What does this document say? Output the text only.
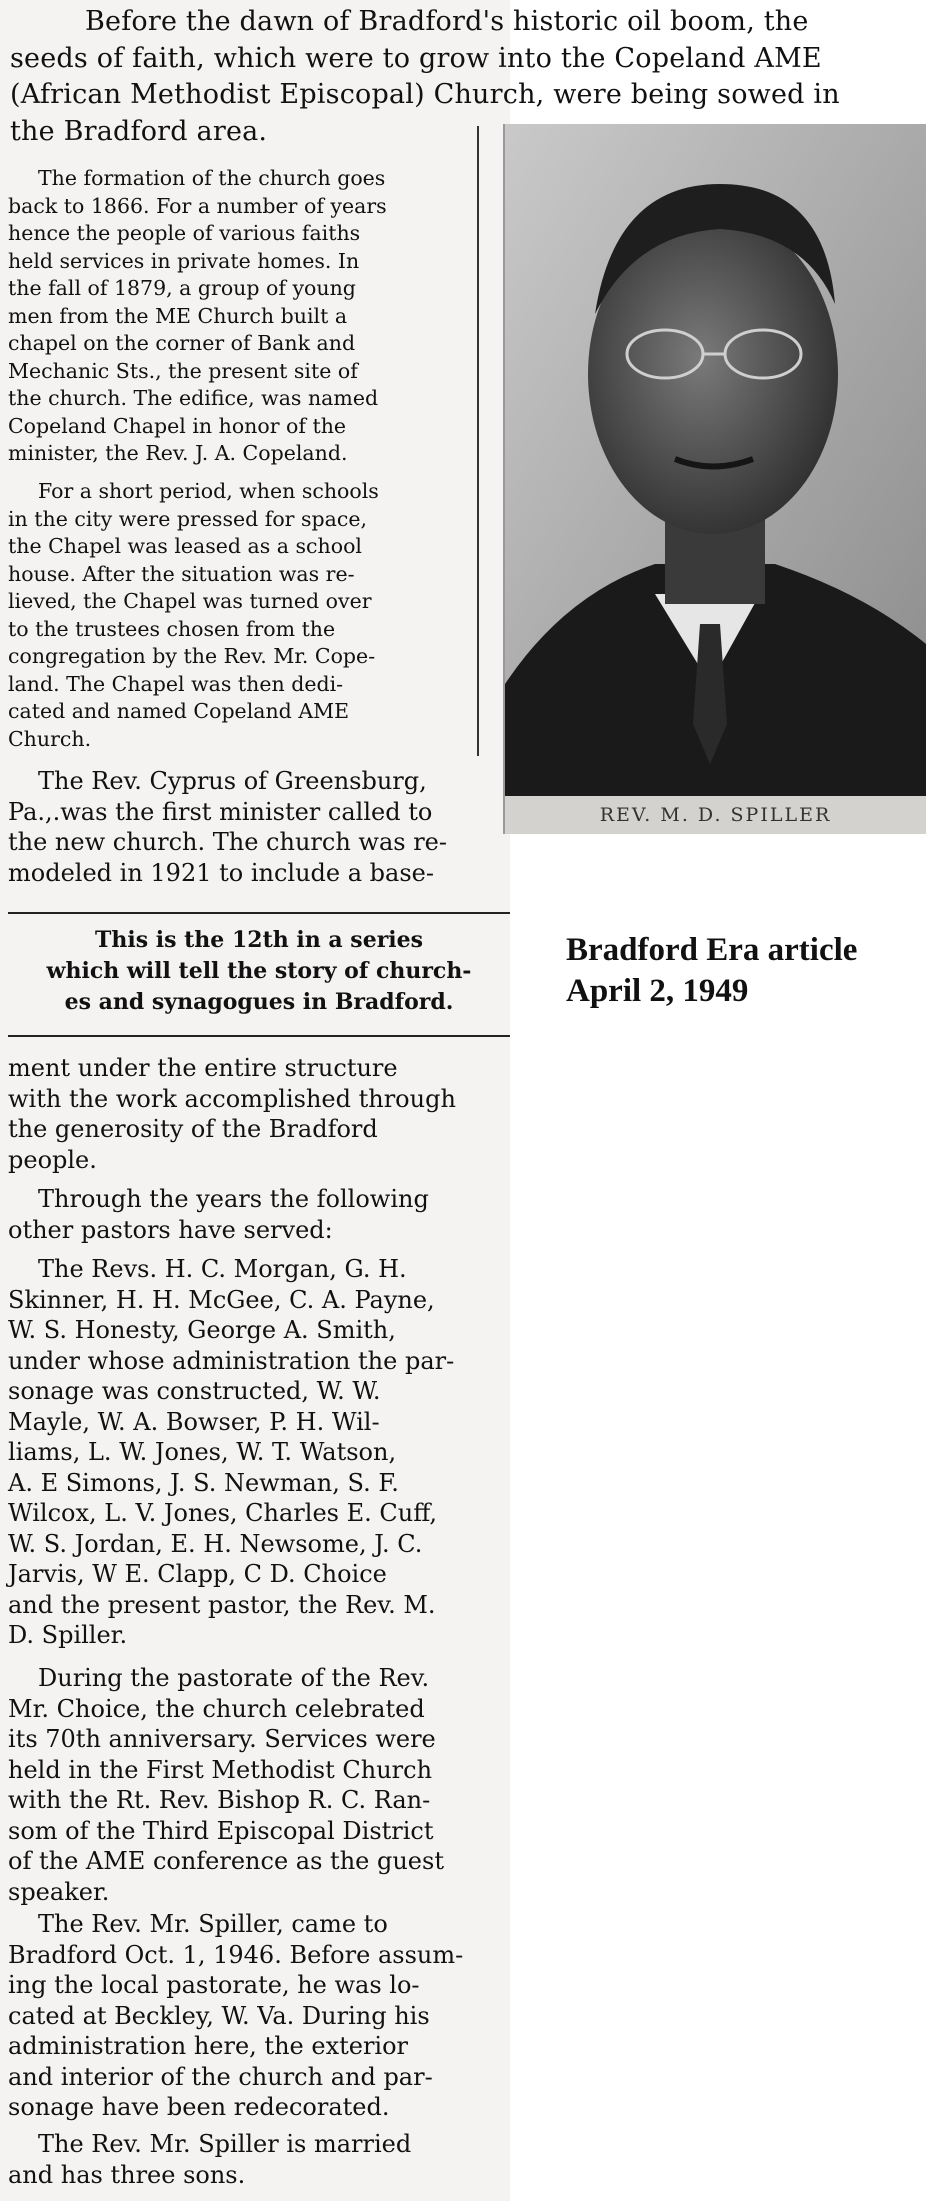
Before the dawn of Bradford's historic oil boom, the
seeds of faith, which were to grow into the Copeland AME
(African Methodist Episcopal) Church, were being sowed in
the Bradford area.
The formation of the church goes
back to 1866. For a number of years
hence the people of various faiths
held services in private homes. In
the fall of 1879, a group of young
men from the ME Church built a
chapel on the corner of Bank and
Mechanic Sts., the present site of
the church. The edifice, was named
Copeland Chapel in honor of the
minister, the Rev. J. A. Copeland.
For a short period, when schools
in the city were pressed for space,
the Chapel was leased as a school
house. After the situation was re-
lieved, the Chapel was turned over
to the trustees chosen from the
congregation by the Rev. Mr. Cope-
land. The Chapel was then dedi-
cated and named Copeland AME
Church.
The Rev. Cyprus of Greensburg,
Pa.,.was the first minister called to
the new church. The church was re-
modeled in 1921 to include a base-
This is the 12th in a series
which will tell the story of church-
es and synagogues in Bradford.
ment under the entire structure
with the work accomplished through
the generosity of the Bradford
people.
Through the years the following
other pastors have served:
The Revs. H. C. Morgan, G. H.
Skinner, H. H. McGee, C. A. Payne,
W. S. Honesty, George A. Smith,
under whose administration the par-
sonage was constructed, W. W.
Mayle, W. A. Bowser, P. H. Wil-
liams, L. W. Jones, W. T. Watson,
A. E Simons, J. S. Newman, S. F.
Wilcox, L. V. Jones, Charles E. Cuff,
W. S. Jordan, E. H. Newsome, J. C.
Jarvis, W E. Clapp, C D. Choice
and the present pastor, the Rev. M.
D. Spiller.
During the pastorate of the Rev.
Mr. Choice, the church celebrated
its 70th anniversary. Services were
held in the First Methodist Church
with the Rt. Rev. Bishop R. C. Ran-
som of the Third Episcopal District
of the AME conference as the guest
speaker.
The Rev. Mr. Spiller, came to
Bradford Oct. 1, 1946. Before assum-
ing the local pastorate, he was lo-
cated at Beckley, W. Va. During his
administration here, the exterior
and interior of the church and par-
sonage have been redecorated.
The Rev. Mr. Spiller is married
and has three sons.
REV. M. D. SPILLER
Bradford Era article
April 2, 1949
